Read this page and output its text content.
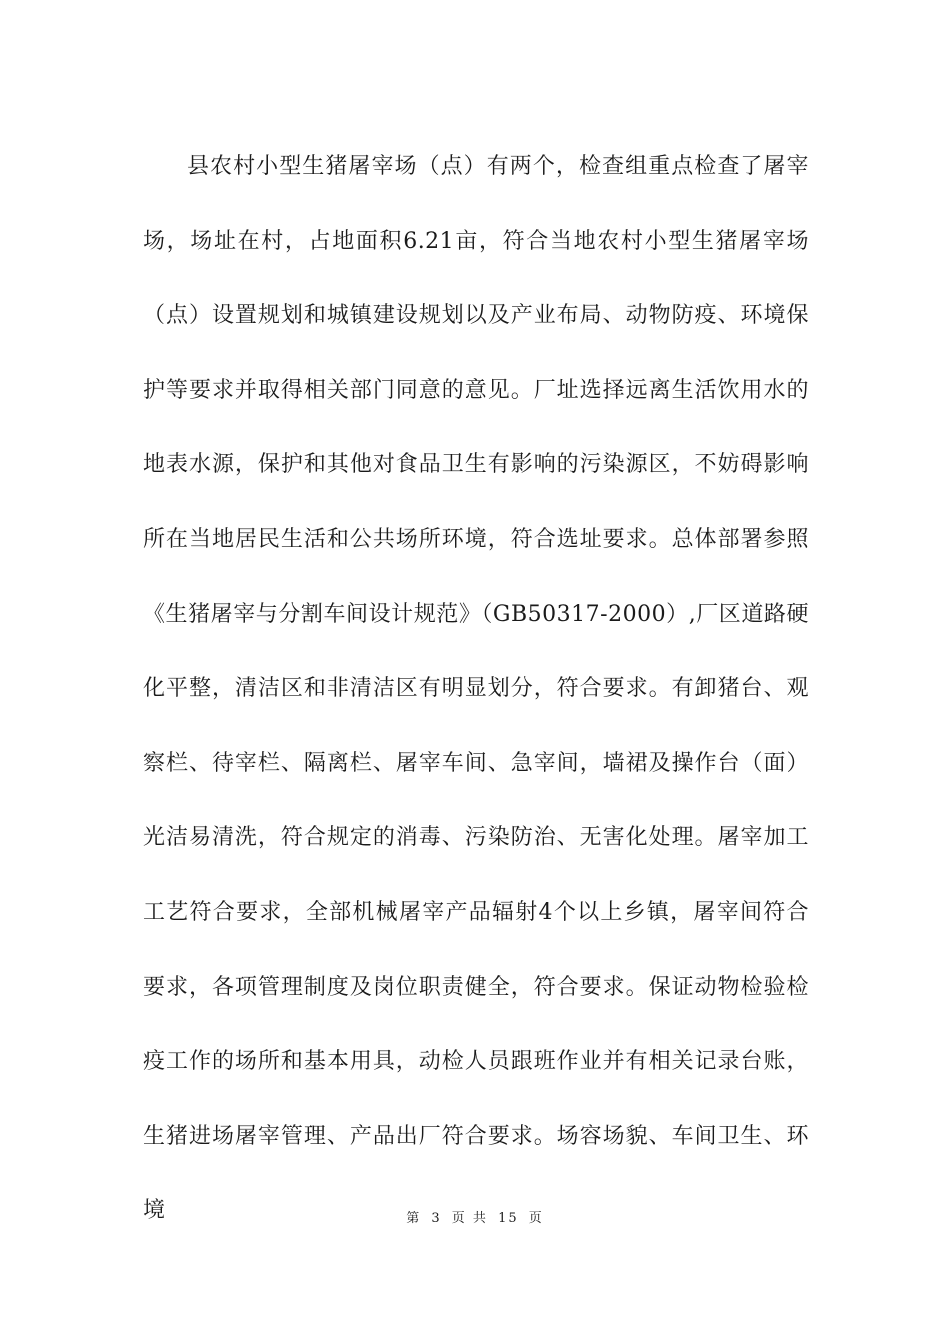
县农村小型生猪屠宰场（点）有两个，检查组重点检查了屠宰场，场址在村，占地面积6.21亩，符合当地农村小型生猪屠宰场（点）设置规划和城镇建设规划以及产业布局、动物防疫、环境保护等要求并取得相关部门同意的意见。厂址选择远离生活饮用水的地表水源，保护和其他对食品卫生有影响的污染源区，不妨碍影响所在当地居民生活和公共场所环境，符合选址要求。总体部署参照《生猪屠宰与分割车间设计规范》（GB50317-2000）,厂区道路硬化平整，清洁区和非清洁区有明显划分，符合要求。有卸猪台、观察栏、待宰栏、隔离栏、屠宰车间、急宰间，墙裙及操作台（面）光洁易清洗，符合规定的消毒、污染防治、无害化处理。屠宰加工工艺符合要求，全部机械屠宰产品辐射4个以上乡镇，屠宰间符合要求，各项管理制度及岗位职责健全，符合要求。保证动物检验检疫工作的场所和基本用具，动检人员跟班作业并有相关记录台账，生猪进场屠宰管理、产品出厂符合要求。场容场貌、车间卫生、环境	第 3 页 共 15 页
